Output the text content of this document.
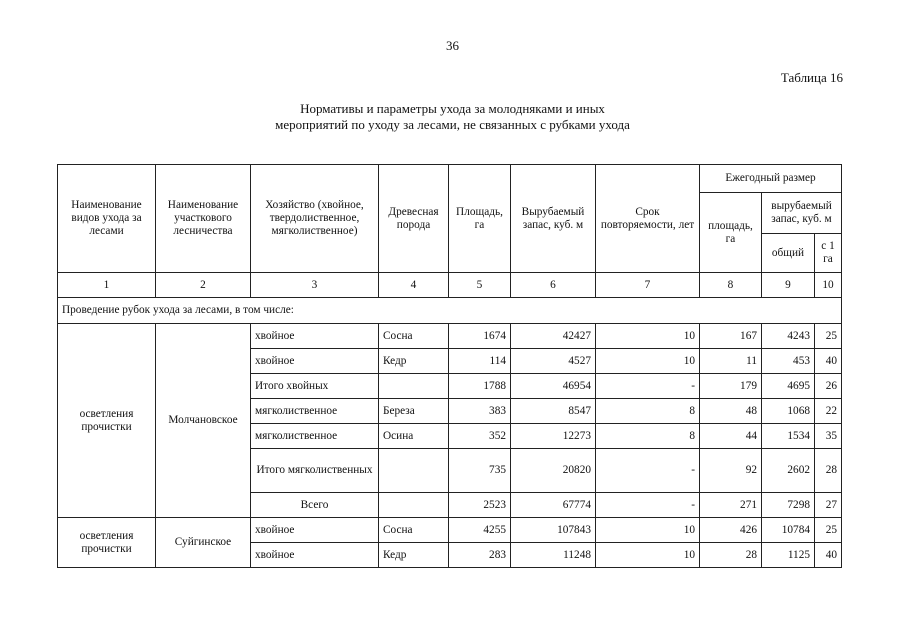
36
Таблица 16
Нормативы и параметры ухода за молодняками и иных
мероприятий по уходу за лесами, не связанных с рубками ухода
Наименование видов ухода за лесами	Наименование участкового лесничества	Хозяйство (хвойное, твердолиственное, мягколиственное)	Древесная порода	Площадь, га	Вырубаемый запас, куб. м	Срок повторяемости, лет	Ежегодный размер		
							площадь, га	вырубаемый запас, куб. м	
								общий	с 1 га
1	2	3	4	5	6	7	8	9	10
Проведение рубок ухода за лесами, в том числе:									
осветления прочистки	Молчановское	хвойное	Сосна	1674	42427	10	167	4243	25
		хвойное	Кедр	114	4527	10	11	453	40
		Итого хвойных		1788	46954	-	179	4695	26
		мягколиственное	Береза	383	8547	8	48	1068	22
		мягколиственное	Осина	352	12273	8	44	1534	35
		Итого мягколиственных		735	20820	-	92	2602	28
		Всего		2523	67774	-	271	7298	27
осветления прочистки	Суйгинское	хвойное	Сосна	4255	107843	10	426	10784	25
		хвойное	Кедр	283	11248	10	28	1125	40
